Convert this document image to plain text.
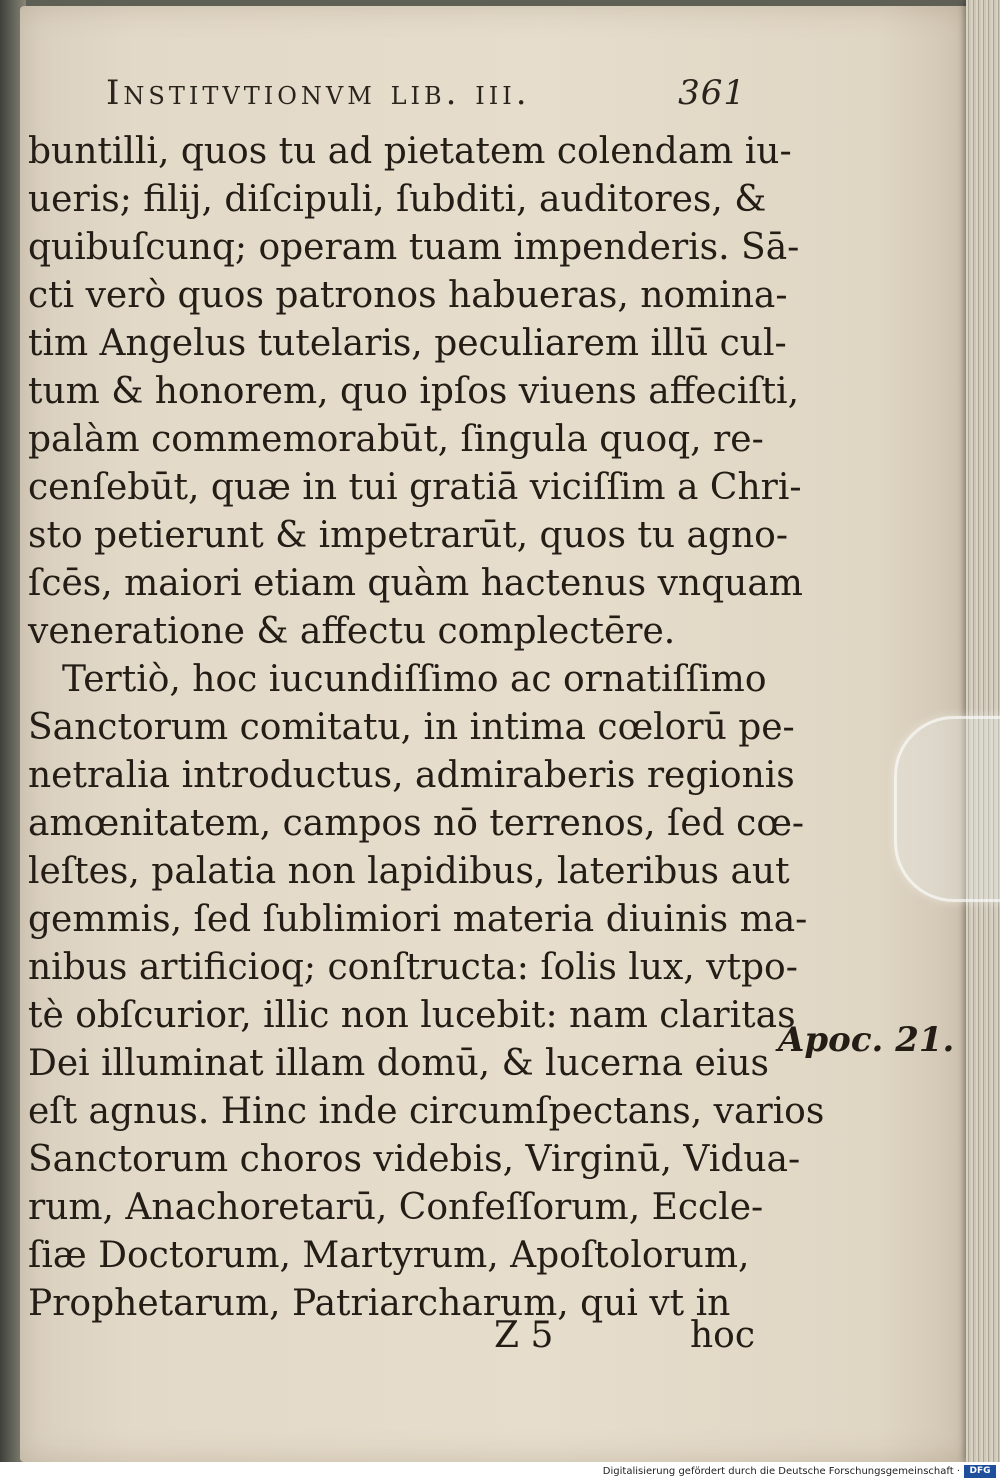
Institvtionvm lib. iii.	361
buntilli, quos tu ad pietatem colendam iu-
ueris; filij, diſcipuli, ſubditi, auditores, &
quibuſcunq; operam tuam impenderis. Sā-
cti verò quos patronos habueras, nomina-
tim Angelus tutelaris, peculiarem illū cul-
tum & honorem, quo ipſos viuens affeciſti,
palàm commemorabūt, ſingula quoq, re-
cenſebūt, quæ in tui gratiā viciſſim a Chri-
sto petierunt & impetrarūt, quos tu agno-
ſcēs, maiori etiam quàm hactenus vnquam
veneratione & affectu complectēre.
Tertiò, hoc iucundiſſimo ac ornatiſſimo
Sanctorum comitatu, in intima cœlorū pe-
netralia introductus, admiraberis regionis
amœnitatem, campos nō terrenos, ſed cœ-
leſtes, palatia non lapidibus, lateribus aut
gemmis, ſed ſublimiori materia diuinis ma-
nibus artificioq; conſtructa: ſolis lux, vtpo-
tè obſcurior, illic non lucebit: nam claritas
Dei illuminat illam domū, & lucerna eius
eſt agnus. Hinc inde circumſpectans, varios
Sanctorum choros videbis, Virginū, Vidua-
rum, Anachoretarū, Confeſſorum, Eccle-
ſiæ Doctorum, Martyrum, Apoſtolorum,
Prophetarum, Patriarcharum, qui vt in
Apoc. 21.
Z 5	hoc
Digitalisierung gefördert durch die Deutsche Forschungsgemeinschaft ·	DFG
